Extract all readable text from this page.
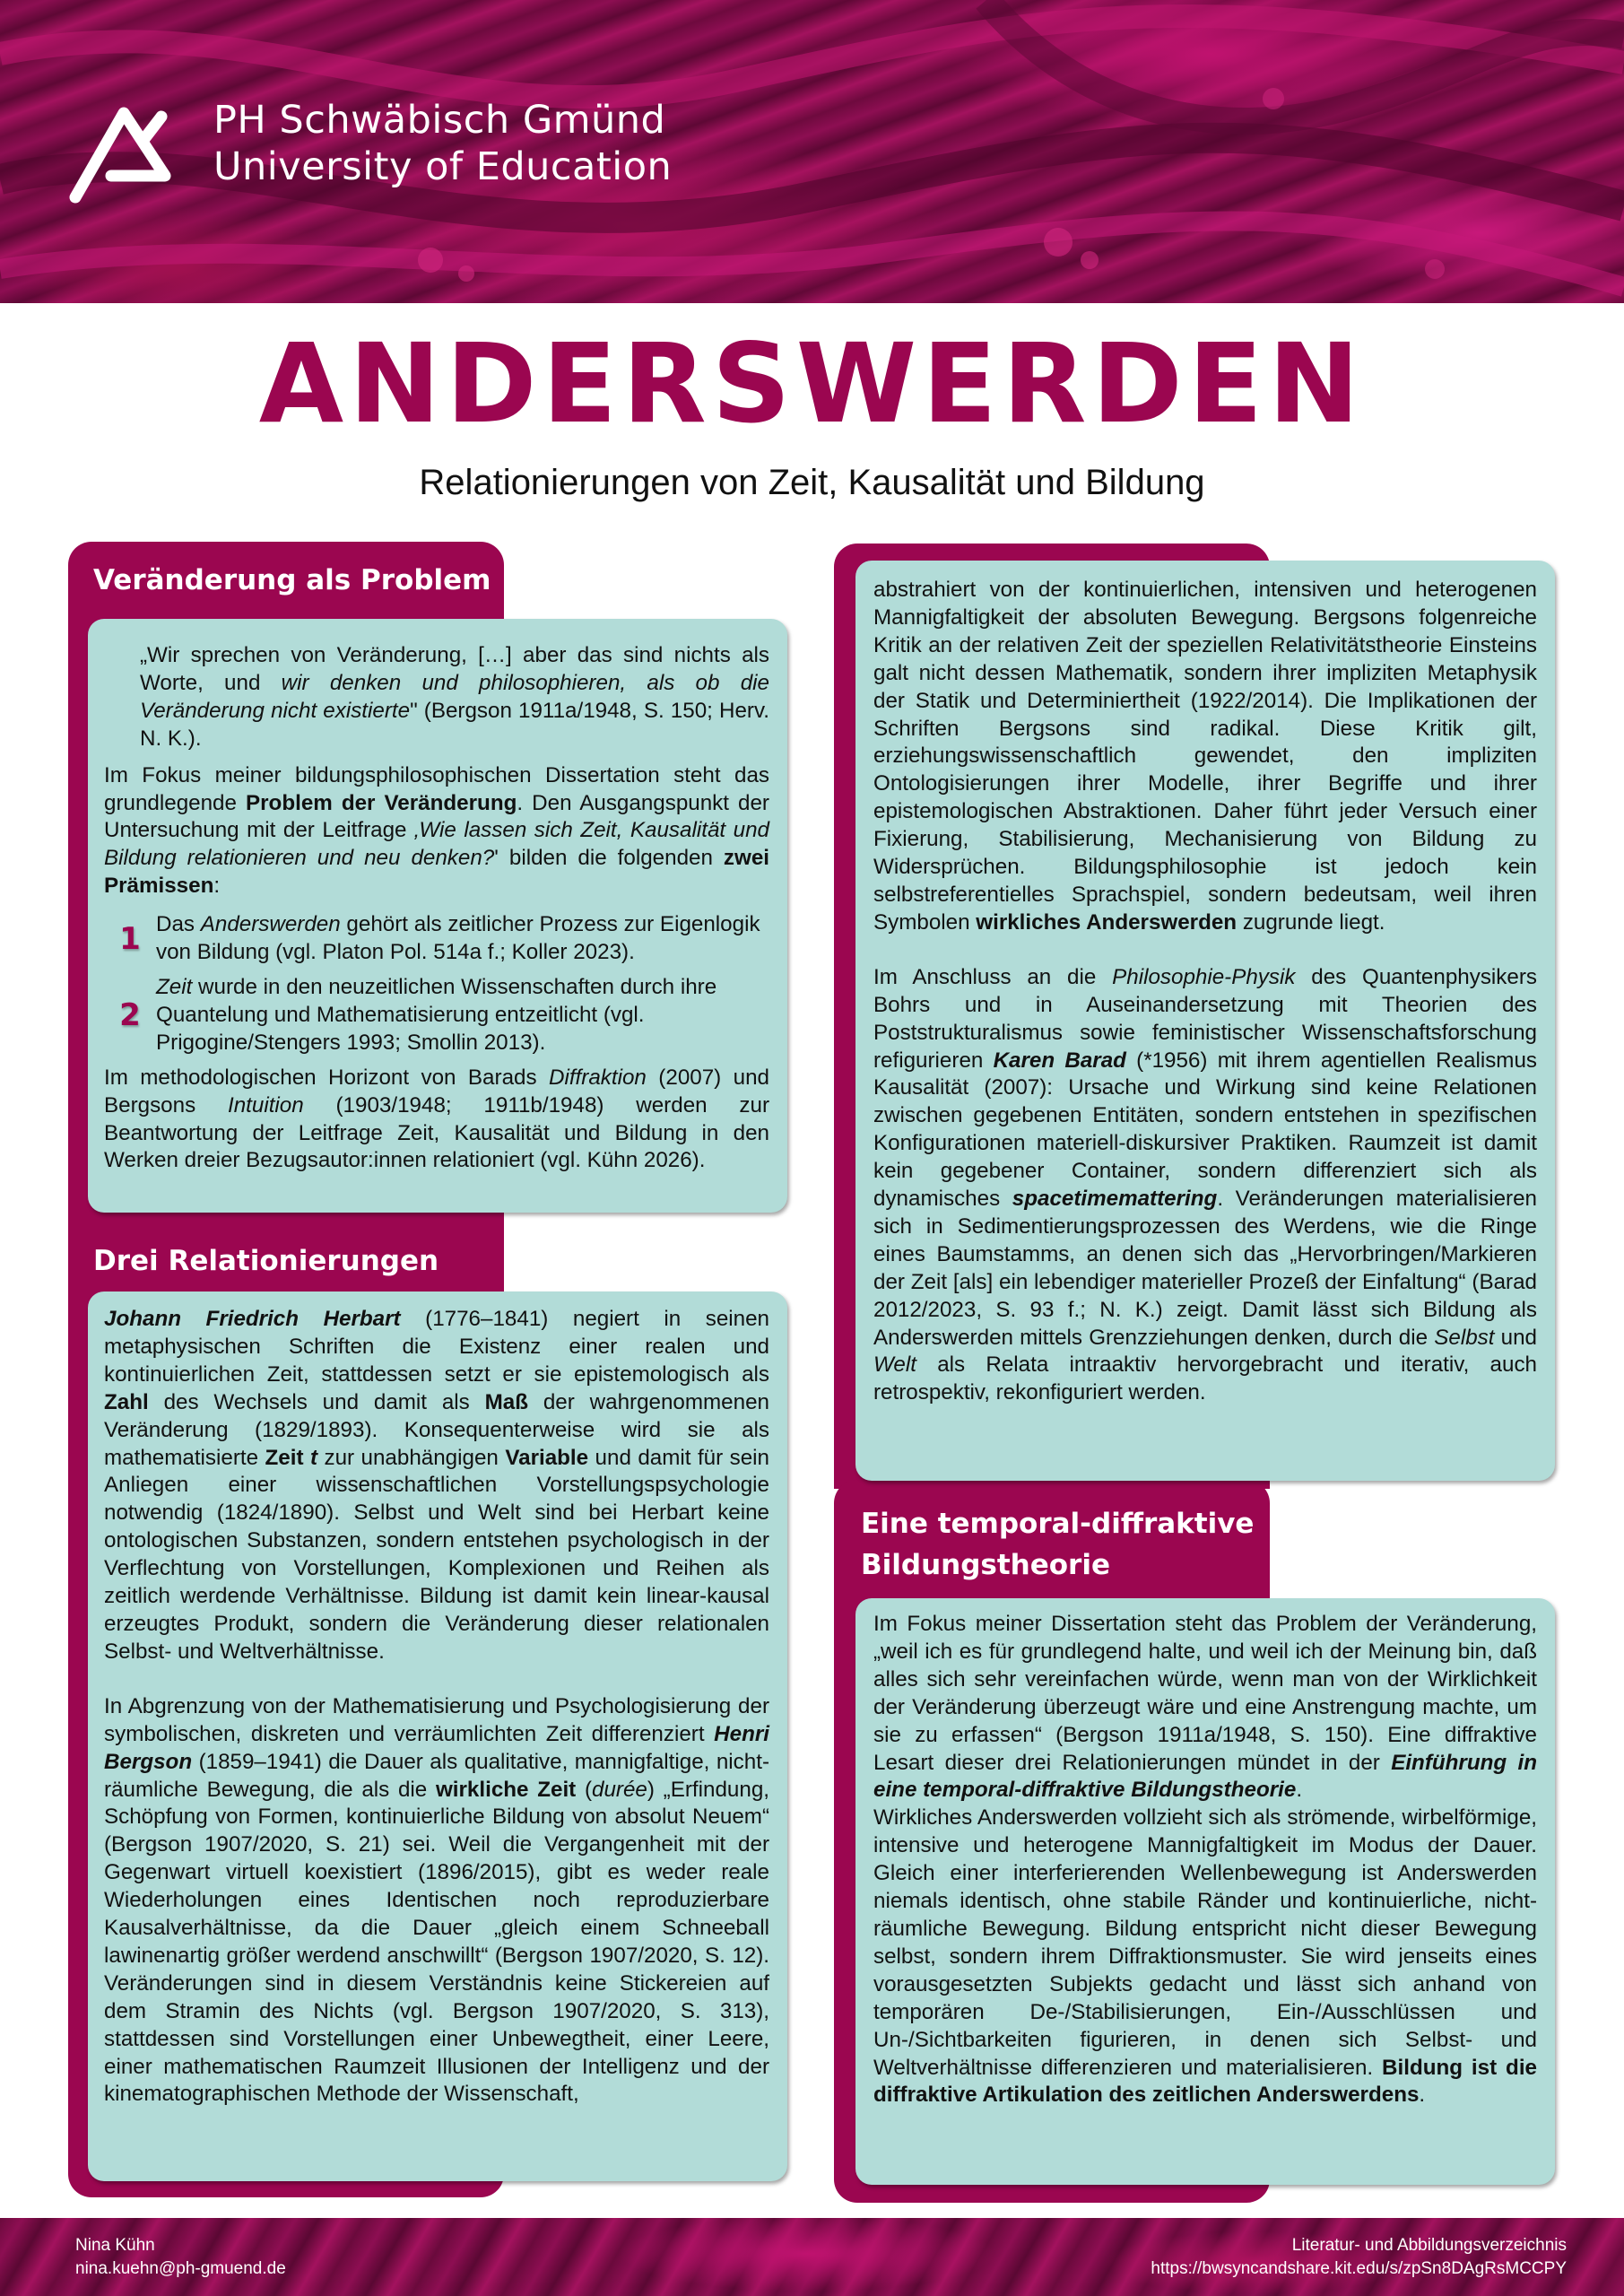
PH Schwäbisch Gmünd
University of Education
ANDERSWERDEN
Relationierungen von Zeit, Kausalität und Bildung
Veränderung als Problem

„Wir sprechen von Veränderung, […] aber das sind nichts als Worte, und wir denken und philosophieren, als ob die Veränderung nicht existierte" (Bergson 1911a/1948, S. 150; Herv. N. K.).

Im Fokus meiner bildungsphilosophischen Dissertation steht das grundlegende Problem der Veränderung. Den Ausgangspunkt der Untersuchung mit der Leitfrage ‚Wie lassen sich Zeit, Kausalität und Bildung relationieren und neu denken?' bilden die folgenden zwei Prämissen:

1 Das Anderswerden gehört als zeitlicher Prozess zur Eigenlogik von Bildung (vgl. Platon Pol. 514a f.; Koller 2023).
2
Zeit wurde in den neuzeitlichen Wissenschaften durch ihre Quantelung und Mathematisierung entzeitlicht (vgl. Prigogine/Stengers 1993; Smollin 2013).

Im methodologischen Horizont von Barads Diffraktion (2007) und Bergsons Intuition (1903/1948; 1911b/1948) werden zur Beantwortung der Leitfrage Zeit, Kausalität und Bildung in den Werken dreier Bezugsautor:innen relationiert (vgl. Kühn 2026).

Drei Relationierungen

Johann Friedrich Herbart (1776–1841) negiert in seinen metaphysischen Schriften die Existenz einer realen und kontinuierlichen Zeit, stattdessen setzt er sie epistemologisch als Zahl des Wechsels und damit als Maß der wahrgenommenen Veränderung (1829/1893). Konsequenterweise wird sie als mathematisierte Zeit t zur unabhängigen Variable und damit für sein Anliegen einer wissenschaftlichen Vorstellungspsychologie notwendig (1824/1890). Selbst und Welt sind bei Herbart keine ontologischen Substanzen, sondern entstehen psychologisch in der Verflechtung von Vorstellungen, Komplexionen und Reihen als zeitlich werdende Verhältnisse. Bildung ist damit kein linear-kausal erzeugtes Produkt, sondern die Veränderung dieser relationalen Selbst- und Weltverhältnisse.

In Abgrenzung von der Mathematisierung und Psychologisierung der symbolischen, diskreten und verräumlichten Zeit differenziert Henri Bergson (1859–1941) die Dauer als qualitative, mannigfaltige, nicht-räumliche Bewegung, die als die wirkliche Zeit (durée) „Erfindung, Schöpfung von Formen, kontinuierliche Bildung von absolut Neuem“ (Bergson 1907/2020, S. 21) sei. Weil die Vergangenheit mit der Gegenwart virtuell koexistiert (1896/2015), gibt es weder reale Wiederholungen eines Identischen noch reproduzierbare Kausalverhältnisse, da die Dauer „gleich einem Schneeball lawinenartig größer werdend anschwillt“ (Bergson 1907/2020, S. 12). Veränderungen sind in diesem Verständnis keine Stickereien auf dem Stramin des Nichts (vgl. Bergson 1907/2020, S. 313), stattdessen sind Vorstellungen einer Unbewegtheit, einer Leere, einer mathematischen Raumzeit Illusionen der Intelligenz und der kinematographischen Methode der Wissenschaft,

abstrahiert von der kontinuierlichen, intensiven und heterogenen Mannigfaltigkeit der absoluten Bewegung. Bergsons folgenreiche Kritik an der relativen Zeit der speziellen Relativitätstheorie Einsteins galt nicht dessen Mathematik, sondern ihrer impliziten Metaphysik der Statik und Determiniertheit (1922/2014). Die Implikationen der Schriften Bergsons sind radikal. Diese Kritik gilt, erziehungswissenschaftlich gewendet, den impliziten Ontologisierungen ihrer Modelle, ihrer Begriffe und ihrer epistemologischen Abstraktionen. Daher führt jeder Versuch einer Fixierung, Stabilisierung, Mechanisierung von Bildung zu Widersprüchen. Bildungsphilosophie ist jedoch kein selbstreferentielles Sprachspiel, sondern bedeutsam, weil ihren Symbolen wirkliches Anderswerden zugrunde liegt.

Im Anschluss an die Philosophie-Physik des Quantenphysikers Bohrs und in Auseinandersetzung mit Theorien des Poststrukturalismus sowie feministischer Wissenschaftsforschung refigurieren Karen Barad (*1956) mit ihrem agentiellen Realismus Kausalität (2007): Ursache und Wirkung sind keine Relationen zwischen gegebenen Entitäten, sondern entstehen in spezifischen Konfigurationen materiell-diskursiver Praktiken. Raumzeit ist damit kein gegebener Container, sondern differenziert sich als dynamisches spacetimemattering. Veränderungen materialisieren sich in Sedimentierungsprozessen des Werdens, wie die Ringe eines Baumstamms, an denen sich das „Hervorbringen/Markieren der Zeit [als] ein lebendiger materieller Prozeß der Einfaltung“ (Barad 2012/2023, S. 93 f.; N. K.) zeigt. Damit lässt sich Bildung als Anderswerden mittels Grenzziehungen denken, durch die Selbst und Welt als Relata intraaktiv hervorgebracht und iterativ, auch retrospektiv, rekonfiguriert werden.

Eine temporal-diffraktive
Bildungstheorie

Im Fokus meiner Dissertation steht das Problem der Veränderung, „weil ich es für grundlegend halte, und weil ich der Meinung bin, daß alles sich sehr vereinfachen würde, wenn man von der Wirklichkeit der Veränderung überzeugt wäre und eine Anstrengung machte, um sie zu erfassen“ (Bergson 1911a/1948, S. 150). Eine diffraktive Lesart dieser drei Relationierungen mündet in der Einführung in eine temporal-diffraktive Bildungstheorie.

Wirkliches Anderswerden vollzieht sich als strömende, wirbelförmige, intensive und heterogene Mannigfaltigkeit im Modus der Dauer. Gleich einer interferierenden Wellenbewegung ist Anderswerden niemals identisch, ohne stabile Ränder und kontinuierliche, nicht-räumliche Bewegung. Bildung entspricht nicht dieser Bewegung selbst, sondern ihrem Diffraktionsmuster. Sie wird jenseits eines vorausgesetzten Subjekts gedacht und lässt sich anhand von temporären De-/Stabilisierungen, Ein-/Ausschlüssen und Un-/Sichtbarkeiten figurieren, in denen sich Selbst- und Weltverhältnisse differenzieren und materialisieren. Bildung ist die diffraktive Artikulation des zeitlichen Anderswerdens.

Nina Kühn
nina.kuehn@ph-gmuend.de
Literatur- und Abbildungsverzeichnis
https://bwsyncandshare.kit.edu/s/zpSn8DAgRsMCCPY
